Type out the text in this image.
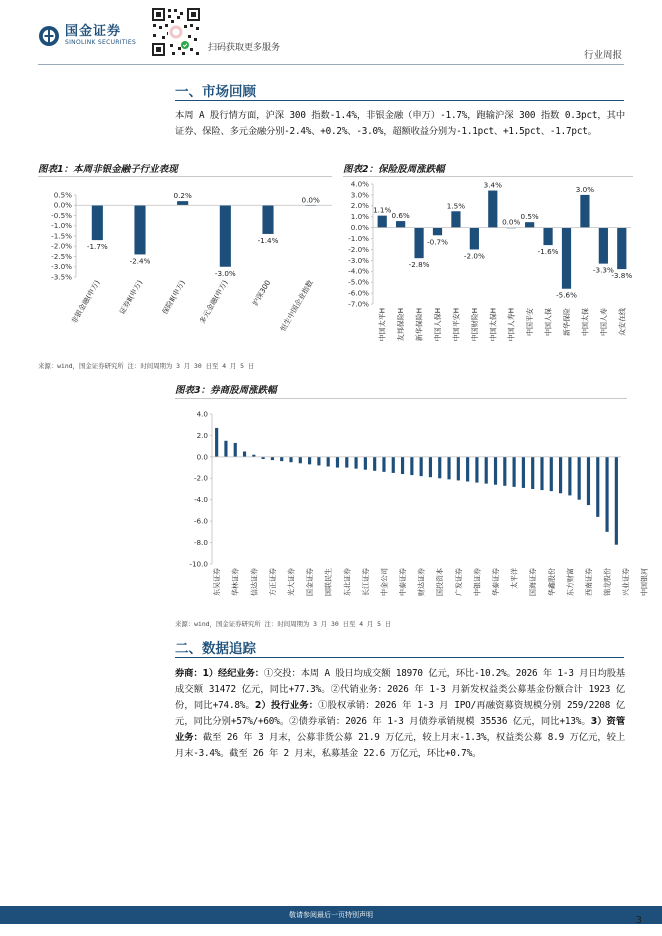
国金证券
SINOLINK SECURITIES
扫码获取更多服务
行业周报
一、市场回顾
本周 A 股行情方面，沪深 300 指数-1.4%，非银金融（申万）-1.7%，跑输沪深 300 指数 0.3pct，其中证券、保险、多元金融分别-2.4%、+0.2%、-3.0%，超额收益分别为-1.1pct、+1.5pct、-1.7pct。
图表1：本周非银金融子行业表现
0.5%
0.0%
-0.5%
-1.0%
-1.5%
-2.0%
-2.5%
-3.0%
-3.5%
-1.7%
-2.4%
0.2%
-3.0%
-1.4%
0.0%
非银金融(申万) 证券Ⅱ(申万) 保险Ⅱ(申万) 多元金融(申万)	沪深300 恒生中国企业指数
图表2：保险股周涨跌幅
4.0%
3.0%
2.0%
1.0%
0.0%
-1.0%
-2.0%
-3.0%
-4.0%
-5.0%
-6.0%
-7.0%
1.1%
0.6%
-2.8%
-0.7%
1.5%
-2.0%
3.4%
0.0%
0.5%
-1.6%
-5.6%
3.0%
-3.3%
-3.8%
中国太平H 友邦保险H 新华保险H 中国人保H 中国平安H 中国财险H 中国太保H 中国人寿H 中国平安 中国人保 新华保险 中国太保 中国人寿 众安在线
来源：wind，国金证券研究所 注：时间周期为 3 月 30 日至 4 月 5 日
图表3：券商股周涨跌幅
4.0
2.0
0.0
-2.0
-4.0
-6.0
-8.0
-10.0
东吴证券 华林证券 信达证券 方正证券 光大证券 国金证券 国联民生 东北证券 长江证券 中金公司 中泰证券 财达证券 国投资本 广发证券 中银证券 华泰证券 太平洋 国海证券 华鑫股份 东方财富 西南证券 锦龙股份 兴业证券 中国银河
来源：wind，国金证券研究所 注：时间周期为 3 月 30 日至 4 月 5 日
二、数据追踪
券商：1）经纪业务：①交投：本周 A 股日均成交额 18970 亿元，环比-10.2%。2026 年 1-3 月日均股基成交额 31472 亿元，同比+77.3%。②代销业务：2026 年 1-3 月新发权益类公募基金份额合计 1923 亿份，同比+74.8%。2）投行业务：①股权承销：2026 年 1-3 月 IPO/再融资募资规模分别 259/2208 亿元，同比分别+57%/+60%。②债券承销：2026 年 1-3 月债券承销规模 35536 亿元，同比+13%。3）资管业务：截至 26 年 3 月末，公募非货公募 21.9 万亿元，较上月末-1.3%，权益类公募 8.9 万亿元，较上月末-3.4%。截至 26 年 2 月末，私募基金 22.6 万亿元，环比+0.7%。
敬请参阅最后一页特别声明	3
